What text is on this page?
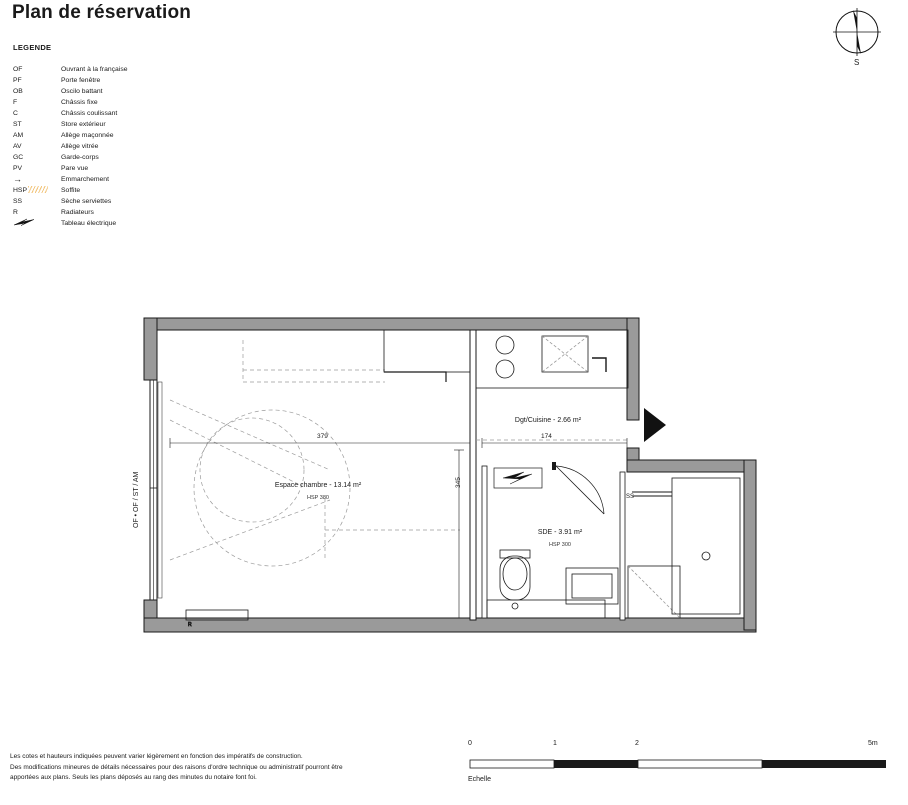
Plan de réservation
LEGENDE
OF	Ouvrant à la française
PF	Porte fenêtre
OB	Oscilo battant
F	Châssis fixe
C	Châssis coulissant
ST	Store extérieur
AM	Allège maçonnée
AV	Allège vitrée
GC	Garde-corps
PV	Pare vue
→	Emmarchement
HSP	Soffite
SS	Sèche serviettes
R	Radiateurs
Tableau électrique
S
R
Espace chambre - 13.14 m²
HSP 380
Dgt/Cuisine - 2.66 m²
SDE - 3.91 m²
HSP 300
379	174
345
OF • OF / ST / AM	SS
Les cotes et hauteurs indiquées peuvent varier légèrement en fonction des impératifs de construction.
Des modifications mineures de détails nécessaires pour des raisons d'ordre technique ou administratif pourront être
apportées aux plans. Seuls les plans déposés au rang des minutes du notaire font foi.
0	1	2	5m
Echelle
